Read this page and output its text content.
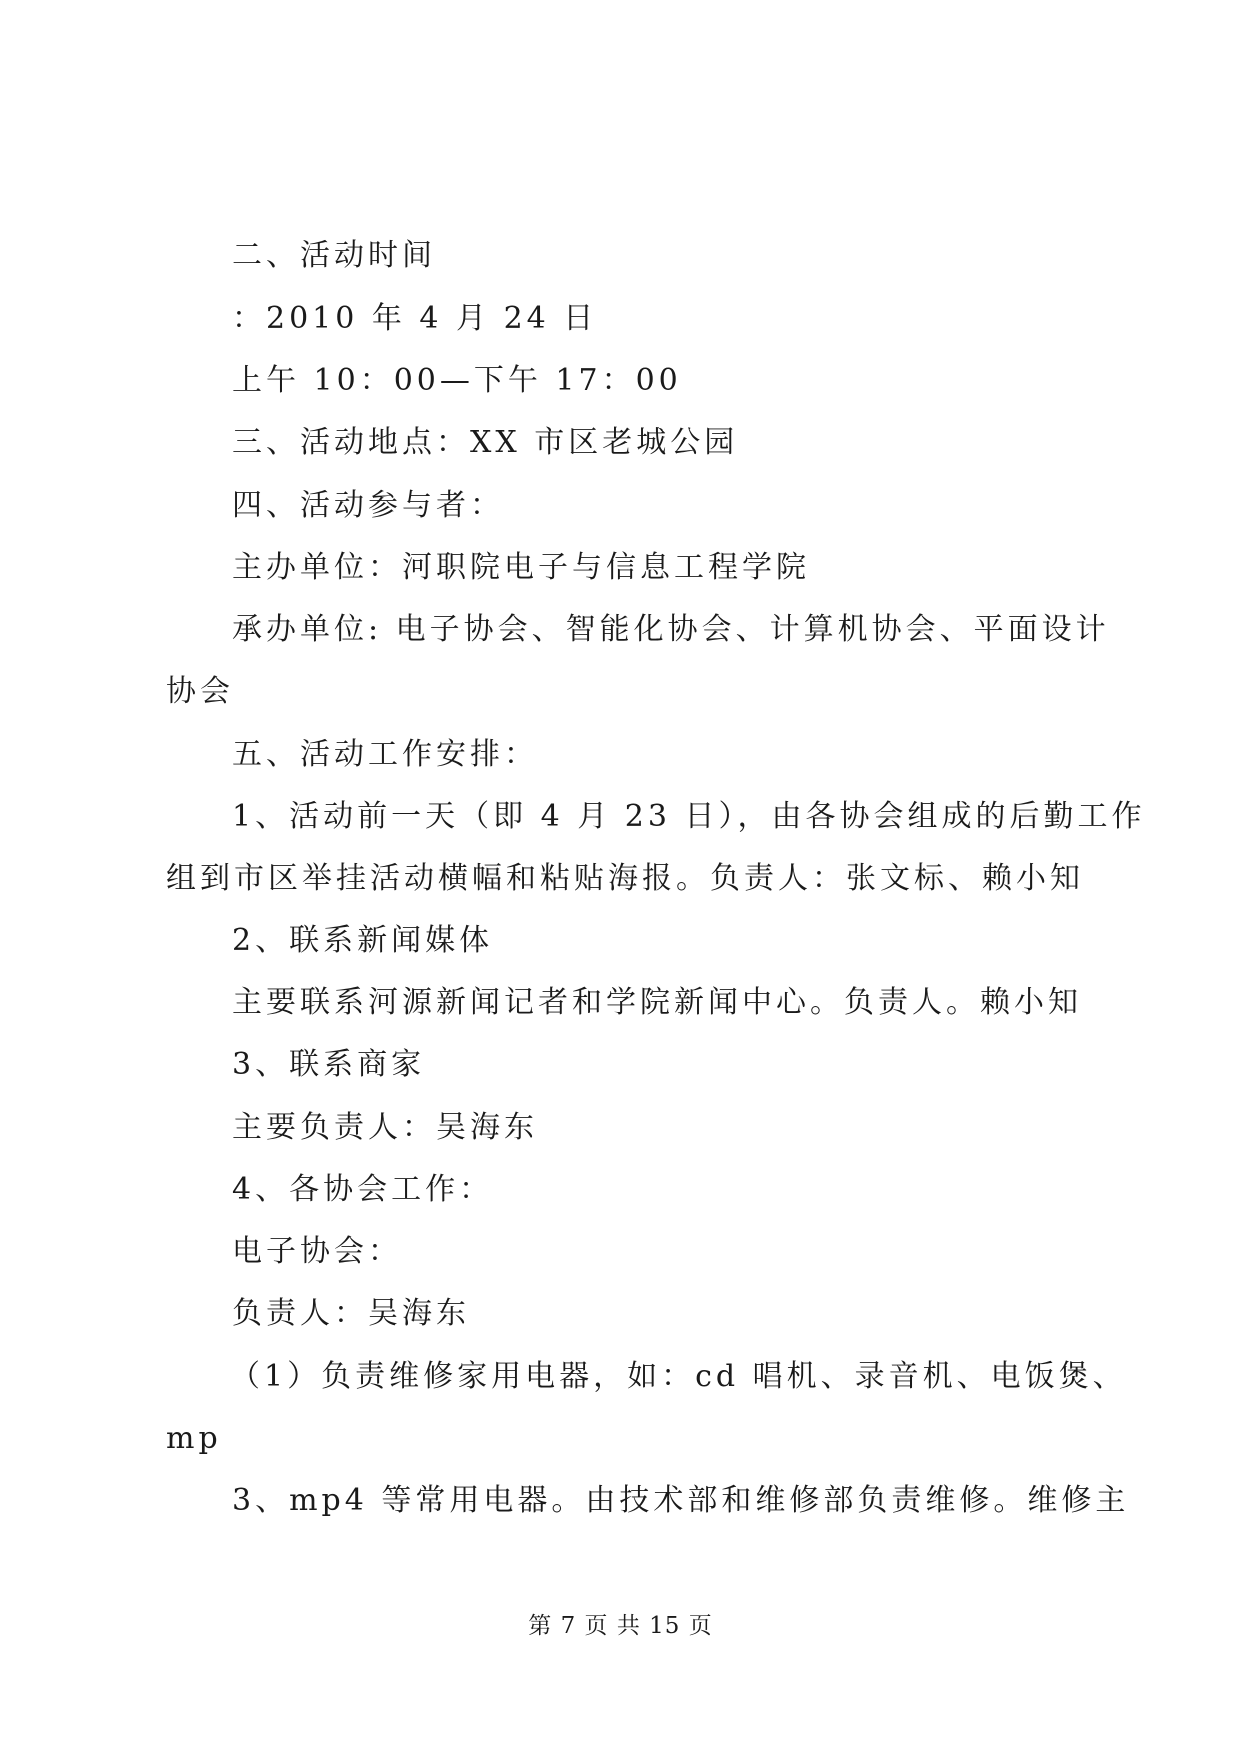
二、活动时间
：2010 年 4 月 24 日
上午 10：00—下午 17：00
三、活动地点：XX 市区老城公园
四、活动参与者：
主办单位：河职院电子与信息工程学院
承办单位: 电子协会、智能化协会、计算机协会、平面设计
协会
五、活动工作安排：
1、活动前一天（即 4 月 23 日），由各协会组成的后勤工作
组到市区举挂活动横幅和粘贴海报。负责人：张文标、赖小知
2、联系新闻媒体
主要联系河源新闻记者和学院新闻中心。负责人。赖小知
3、联系商家
主要负责人：吴海东
4、各协会工作：
电子协会：
负责人：吴海东
（1）负责维修家用电器，如：cd 唱机、录音机、电饭煲、
mp
3、mp4 等常用电器。由技术部和维修部负责维修。维修主
第 7 页 共 15 页
